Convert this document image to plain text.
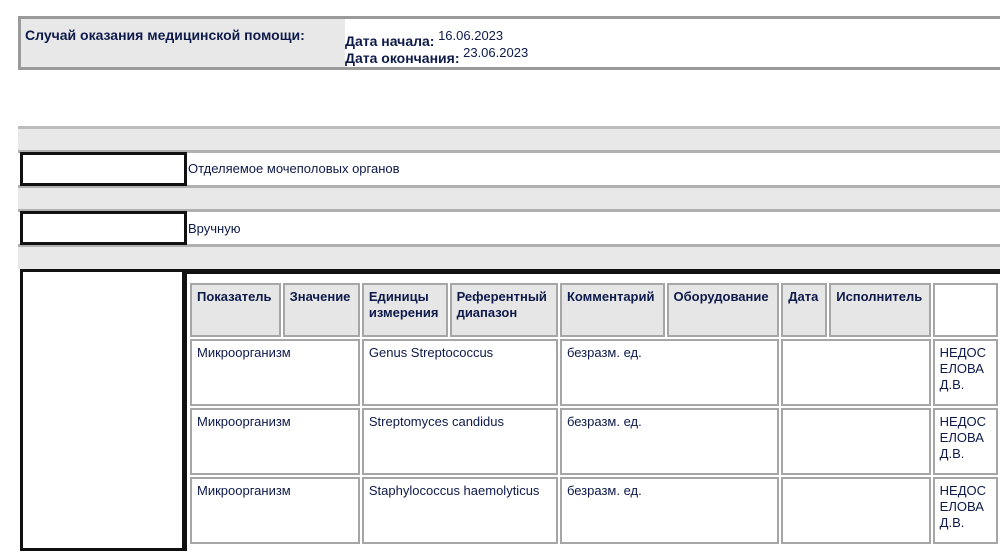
Случай оказания медицинской помощи:	Дата начала: 16.06.2023
Дата окончания: 23.06.2023
Отделяемое мочеполовых органов
Вручную
Показатель	Значение	Единицы измерения	Референтный диапазон	Комментарий	Оборудование	Дата	Исполнитель	
Микроорганизм		Genus Streptococcus		безразм. ед.				НЕДОС ЕЛОВА Д.В.
Микроорганизм		Streptomyces candidus		безразм. ед.				НЕДОС ЕЛОВА Д.В.
Микроорганизм		Staphylococcus haemolyticus		безразм. ед.				НЕДОС ЕЛОВА Д.В.
